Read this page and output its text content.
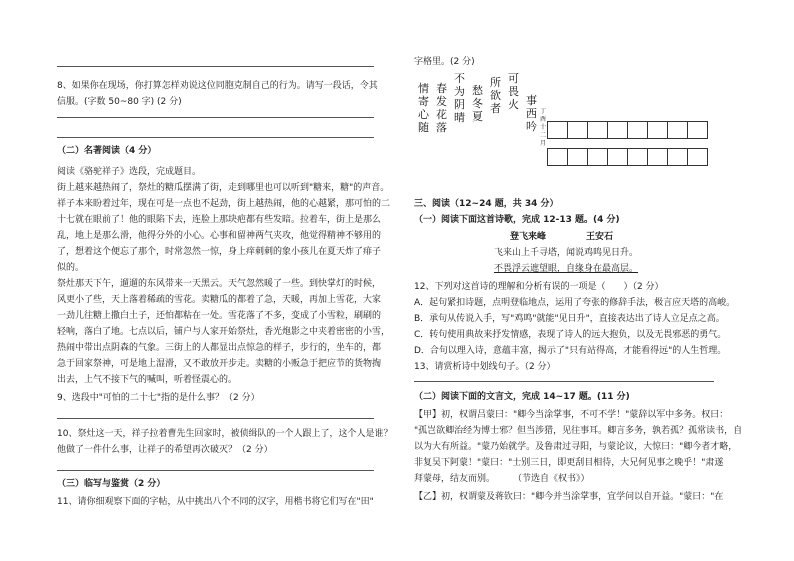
8、如果你在现场，你打算怎样劝说这位同胞克制自己的行为。请写一段话，令其
信服。(字数 50~80 字) (2 分)
（二）名著阅读（4 分）
阅读《骆驼祥子》选段，完成题目。
街上越来越热闹了，祭灶的糖瓜摆满了街，走到哪里也可以听到"糖来，糖"的声音。
祥子本来盼着过年，现在可是一点也不起劲，街上越热闹，他的心越紧，那可怕的二
十七就在眼前了！他的眼陷下去，连脸上那块疤都有些发暗。拉着车，街上是那么
乱，地上是那么滑，他得分外的小心。心事和留神两气夹攻，他觉得精神不够用的
了，想着这个便忘了那个，时常忽然一惊，身上痒刺刺的象小孩儿在夏天炸了痱子
似的。
祭灶那天下午，遛遛的东风带来一天黑云。天气忽然暖了一些。到快掌灯的时候，
风更小了些，天上落着稀疏的雪花。卖糖瓜的都着了急，天暖，再加上雪花，大家
一劲儿往糖上撒白土子，还怕都粘在一处。雪花落了不多，变成了小雪粒，刷刷的
轻响，落白了地。七点以后，铺户与人家开始祭灶，香光炮影之中夹着密密的小雪，
热闹中带出点阴森的气象。三街上的人都显出点惊急的样子，步行的，坐车的，都
急于回家祭神，可是地上湿滑，又不敢放开步走。卖糖的小贩急于把应节的货物掏
出去，上气不接下气的喊叫，听着怪震心的。
9、选段中"可怕的二十七"指的是什么事？（2 分）
10、祭灶这一天，祥子拉着曹先生回家时，被侦缉队的一个人跟上了，这个人是谁？
他做了一件什么事，让祥子的希望再次破灭？（2 分）
（三）临写与鉴赏（2 分）
11、请你细观察下面的字帖，从中挑出八个不同的汉字，用楷书将它们写在"田"
字格里。(2 分)
情寄心随
春发花落
不为阴晴
愁冬夏
所欲者
可畏火 事西吟
丁酉十二月
三、阅读（12~24 题，共 34 分）
（一）阅读下面这首诗歌，完成 12-13 题。(4 分)
登飞来峰	王安石
飞来山上千寻塔，闻说鸡鸣见日升。
不畏浮云遮望眼，自缘身在最高层。
12、下列对这首诗的理解和分析有误的一项是（　　）（2 分）
A．起句紧扣诗题，点明登临地点，运用了夸张的修辞手法，极言应天塔的高峻。
B．承句从传说入手，写"鸡鸣"就能"见日升"，直接表达出了诗人立足点之高。
C．转句使用典故来抒发情感，表现了诗人的远大抱负，以及无畏邪恶的勇气。
D．合句以理入诗，意蕴丰富，揭示了"只有站得高，才能看得远"的人生哲理。
13、请赏析诗中划线句子。（2 分）
（二）阅读下面的文言文，完成 14~17 题。(11 分)
【甲】初，权谓吕蒙曰："卿今当涂掌事，不可不学！"蒙辞以军中多务。权曰：
"孤岂欲卿治经为博士邪？但当涉猎，见往事耳。卿言多务，孰若孤？孤常读书，自
以为大有所益。"蒙乃始就学。及鲁肃过寻阳，与蒙论议，大惊曰："卿今者才略，
非复吴下阿蒙！"蒙曰："士别三日，即更刮目相待，大兄何见事之晚乎！"肃遂
拜蒙母，结友而别。　　　（节选自《权书》）
【乙】初，权谓蒙及蒋钦曰："卿今并当涂掌事，宜学问以自开益。"蒙曰："在
